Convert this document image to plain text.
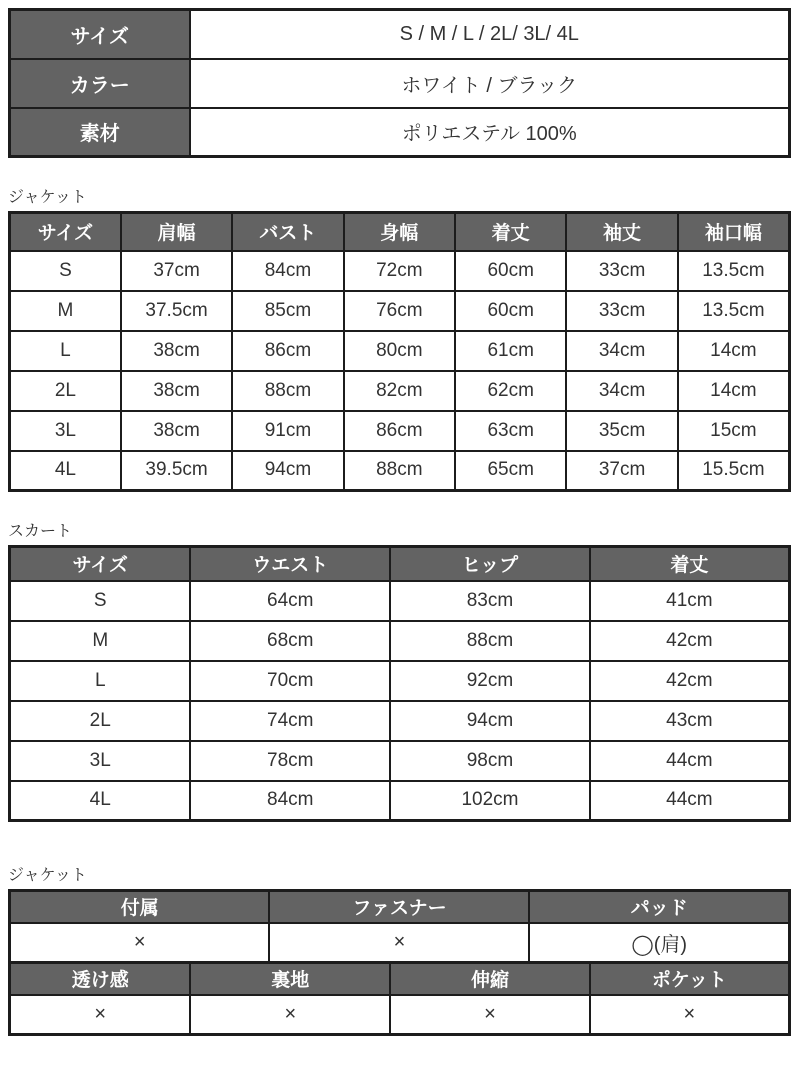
サイズ	S / M / L / 2L/ 3L/ 4L
カラー	ホワイト / ブラック
素材	ポリエステル 100%
ジャケット
サイズ	肩幅	バスト	身幅	着丈	袖丈	袖口幅
S	37cm	84cm	72cm	60cm	33cm	13.5cm
M	37.5cm	85cm	76cm	60cm	33cm	13.5cm
L	38cm	86cm	80cm	61cm	34cm	14cm
2L	38cm	88cm	82cm	62cm	34cm	14cm
3L	38cm	91cm	86cm	63cm	35cm	15cm
4L	39.5cm	94cm	88cm	65cm	37cm	15.5cm
スカート
サイズ	ウエスト	ヒップ	着丈
S	64cm	83cm	41cm
M	68cm	88cm	42cm
L	70cm	92cm	42cm
2L	74cm	94cm	43cm
3L	78cm	98cm	44cm
4L	84cm	102cm	44cm
ジャケット
付属	ファスナー	パッド
×	×	◯(肩)
透け感	裏地	伸縮	ポケット
×	×	×	×
